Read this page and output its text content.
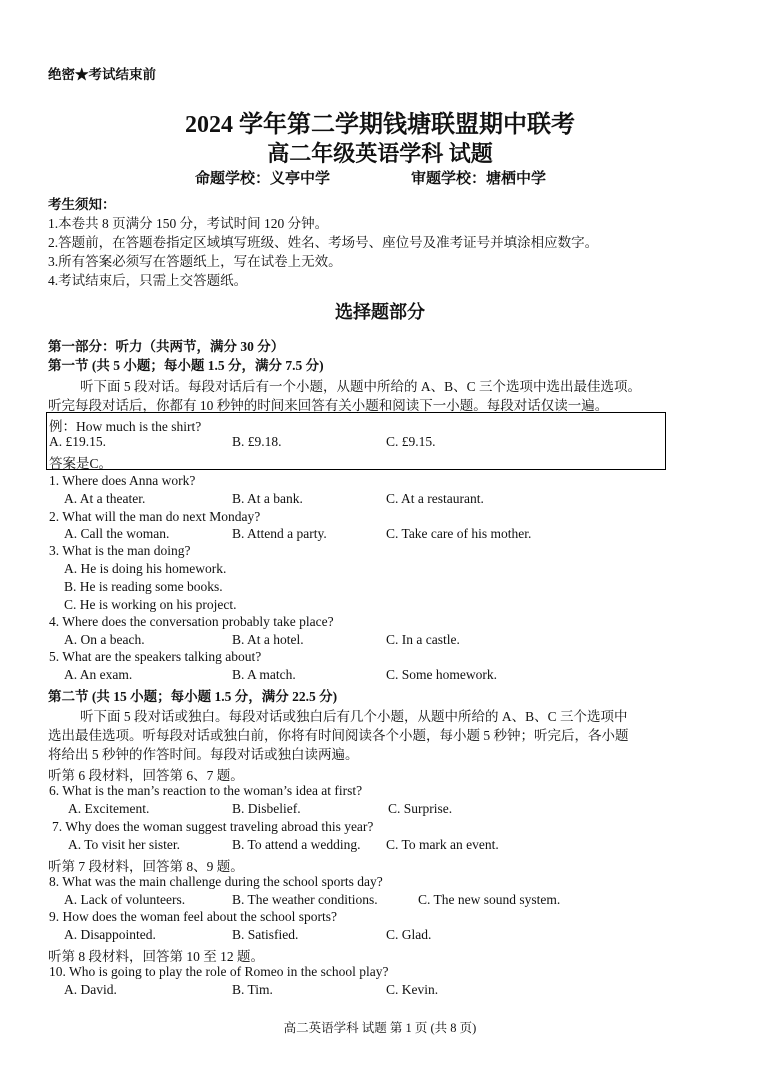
绝密★考试结束前
2024 学年第二学期钱塘联盟期中联考
高二年级英语学科 试题
命题学校：义亭中学	审题学校：塘栖中学
考生须知：
1.本卷共 8 页满分 150 分，考试时间 120 分钟。
2.答题前，在答题卷指定区域填写班级、姓名、考场号、座位号及准考证号并填涂相应数字。
3.所有答案必须写在答题纸上，写在试卷上无效。
4.考试结束后，只需上交答题纸。
选择题部分
第一部分：听力（共两节，满分 30 分）
第一节 (共 5 小题；每小题 1.5 分，满分 7.5 分)
听下面 5 段对话。每段对话后有一个小题，从题中所给的 A、B、C 三个选项中选出最佳选项。
听完每段对话后，你都有 10 秒钟的时间来回答有关小题和阅读下一小题。每段对话仅读一遍。
例：How much is the shirt?
A. £19.15.	B. £9.18.	C. £9.15.
答案是C。
1. Where does Anna work?
A. At a theater.	B. At a bank.	C. At a restaurant.
2. What will the man do next Monday?
A. Call the woman.	B. Attend a party.	C. Take care of his mother.
3. What is the man doing?
A. He is doing his homework.
B. He is reading some books.
C. He is working on his project.
4. Where does the conversation probably take place?
A. On a beach.	B. At a hotel.	C. In a castle.
5. What are the speakers talking about?
A. An exam.	B. A match.	C. Some homework.
第二节 (共 15 小题；每小题 1.5 分，满分 22.5 分)
听下面 5 段对话或独白。每段对话或独白后有几个小题，从题中所给的 A、B、C 三个选项中
选出最佳选项。听每段对话或独白前，你将有时间阅读各个小题，每小题 5 秒钟；听完后，各小题
将给出 5 秒钟的作答时间。每段对话或独白读两遍。
听第 6 段材料，回答第 6、7 题。
6. What is the man’s reaction to the woman’s idea at first?
A. Excitement.	B. Disbelief.	C. Surprise.
7. Why does the woman suggest traveling abroad this year?
A. To visit her sister.	B. To attend a wedding. C. To mark an event.
听第 7 段材料，回答第 8、9 题。
8. What was the main challenge during the school sports day?
A. Lack of volunteers.	B. The weather conditions.	C. The new sound system.
9. How does the woman feel about the school sports?
A. Disappointed.	B. Satisfied.	C. Glad.
听第 8 段材料，回答第 10 至 12 题。
10. Who is going to play the role of Romeo in the school play?
A. David.	B. Tim.	C. Kevin.
高二英语学科 试题 第 1 页 (共 8 页)
